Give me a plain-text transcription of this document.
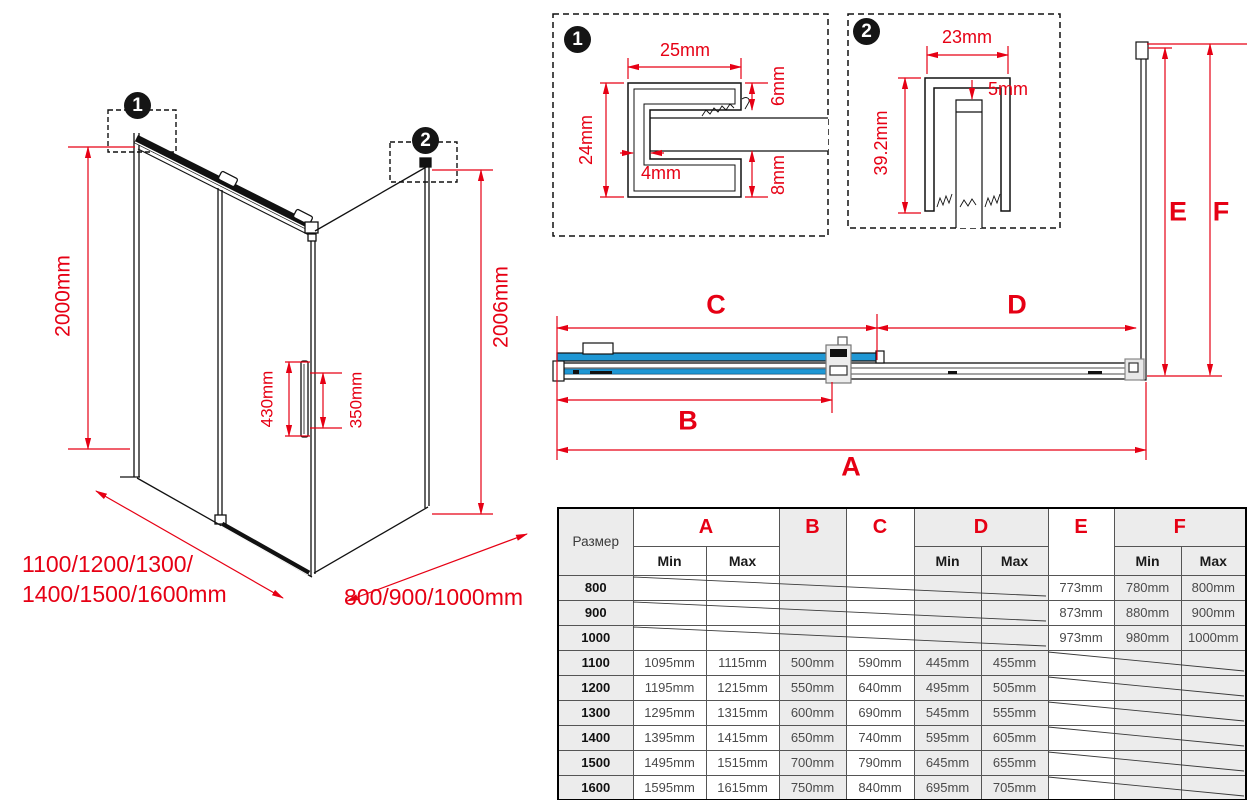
1
2
1	2
2000mm	2006mm
430mm	350mm
1100/1200/1300/
1400/1500/1600mm	800/900/1000mm
25mm
24mm
4mm
6mm
8mm
23mm
5mm
39.2mm
C	D
B
A
E F
Размер	A		B	C	D		E	F	
	Min	Max			Min	Max		Min	Max
800							773mm	780mm	800mm
900							873mm	880mm	900mm
1000							973mm	980mm	1000mm
1100	1095mm	1115mm	500mm	590mm	445mm	455mm			
1200	1195mm	1215mm	550mm	640mm	495mm	505mm			
1300	1295mm	1315mm	600mm	690mm	545mm	555mm			
1400	1395mm	1415mm	650mm	740mm	595mm	605mm			
1500	1495mm	1515mm	700mm	790mm	645mm	655mm			
1600	1595mm	1615mm	750mm	840mm	695mm	705mm			
